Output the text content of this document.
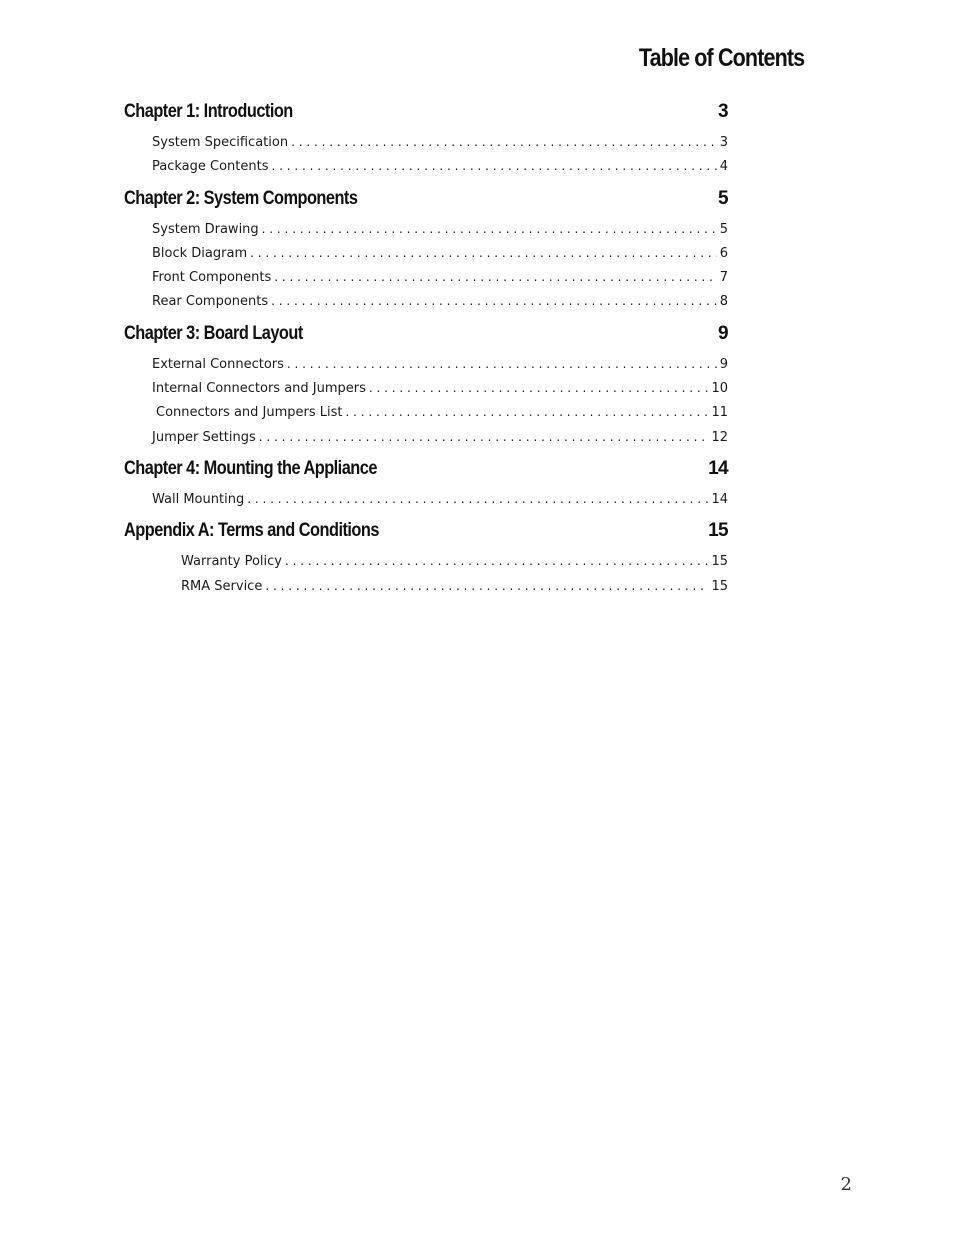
Table of Contents
Chapter 1: Introduction	3
System Specification . . .	3
Package Contents . . .	4
Chapter 2: System Components	5
System Drawing . . .	5
Block Diagram . . .	6
Front Components . . .	7
Rear Components . . .	8
Chapter 3: Board Layout	9
External Connectors . . .	9
Internal Connectors and Jumpers . . .	10
Connectors and Jumpers List . . .	11
Jumper Settings . . .	12
Chapter 4: Mounting the Appliance	14
Wall Mounting . . .	14
Appendix A: Terms and Conditions	15
Warranty Policy . . .	15
RMA Service . . .	15
2
